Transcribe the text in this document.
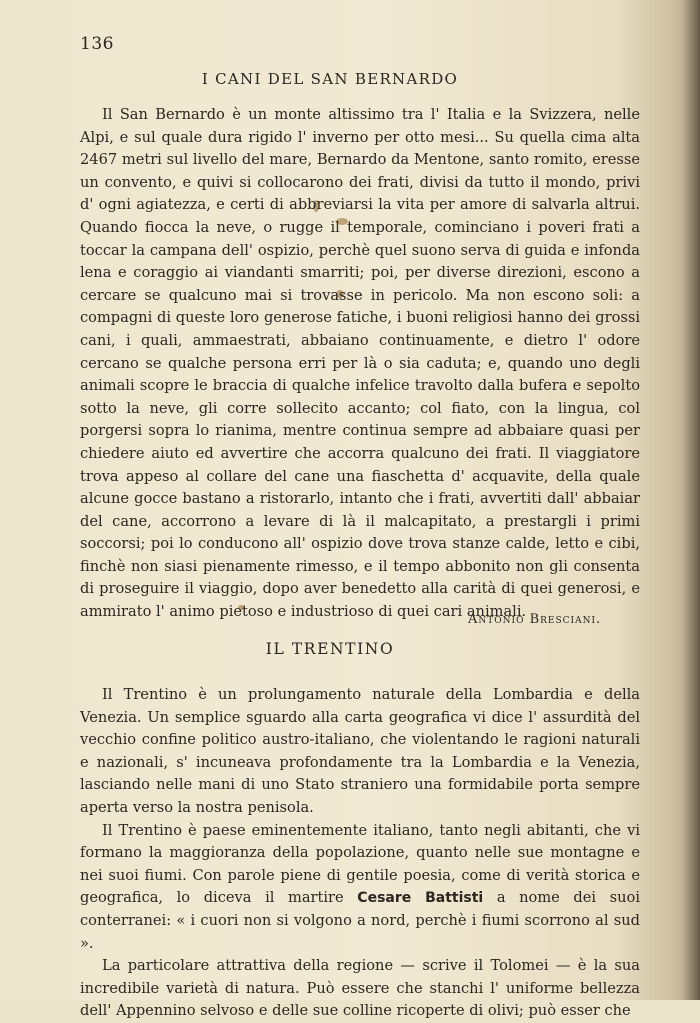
136
I CANI DEL SAN BERNARDO

Il San Bernardo è un monte altissimo tra l' Italia e la Svizzera, nelle Alpi, e sul quale dura rigido l' inverno per otto mesi... Su quella cima alta 2467 metri sul livello del mare, Bernardo da Mentone, santo romito, eresse un convento, e quivi si collocarono dei frati, divisi da tutto il mondo, privi d' ogni agiatezza, e certi di abbreviarsi la vita per amore di salvarla altrui. Quando fiocca la neve, o rugge il temporale, cominciano i poveri frati a toccar la campana dell' ospizio, perchè quel suono serva di guida e infonda lena e coraggio ai viandanti smarriti; poi, per diverse direzioni, escono a cercare se qualcuno mai si trovasse in pericolo. Ma non escono soli: a compagni di queste loro generose fatiche, i buoni religiosi hanno dei grossi cani, i quali, ammaestrati, abbaiano continuamente, e dietro l' odore cercano se qualche persona erri per là o sia caduta; e, quando uno degli animali scopre le braccia di qualche infelice travolto dalla bufera e sepolto sotto la neve, gli corre sollecito accanto; col fiato, con la lingua, col porgersi sopra lo rianima, mentre continua sempre ad abbaiare quasi per chiedere aiuto ed avvertire che accorra qualcuno dei frati. Il viaggiatore trova appeso al collare del cane una fiaschetta d' acquavite, della quale alcune gocce bastano a ristorarlo, intanto che i frati, avvertiti dall' abbaiar del cane, accorrono a levare di là il malcapitato, a prestargli i primi soccorsi; poi lo conducono all' ospizio dove trova stanze calde, letto e cibi, finchè non siasi pienamente rimesso, e il tempo abbonito non gli consenta di proseguire il viaggio, dopo aver benedetto alla carità di quei generosi, e ammirato l' animo pietoso e industrioso di quei cari animali.

Antonio Bresciani.
IL TRENTINO

Il Trentino è un prolungamento naturale della Lombardia e della Venezia. Un semplice sguardo alla carta geografica vi dice l' assurdità del vecchio confine politico austro-italiano, che violentando le ragioni naturali e nazionali, s' incuneava profondamente tra la Lombardia e la Venezia, lasciando nelle mani di uno Stato straniero una formidabile porta sempre aperta verso la nostra penisola.

Il Trentino è paese eminentemente italiano, tanto negli abitanti, che vi formano la maggioranza della popolazione, quanto nelle sue montagne e nei suoi fiumi. Con parole piene di gentile poesia, come di verità storica e geografica, lo diceva il martire Cesare Battisti a nome dei suoi conterranei: « i cuori non si volgono a nord, perchè i fiumi scorrono al sud ».

La particolare attrattiva della regione — scrive il Tolomei — è la sua incredibile varietà di natura. Può essere che stanchi l' uniforme bellezza dell' Appennino selvoso e delle sue colline ricoperte di olivi; può esser che
